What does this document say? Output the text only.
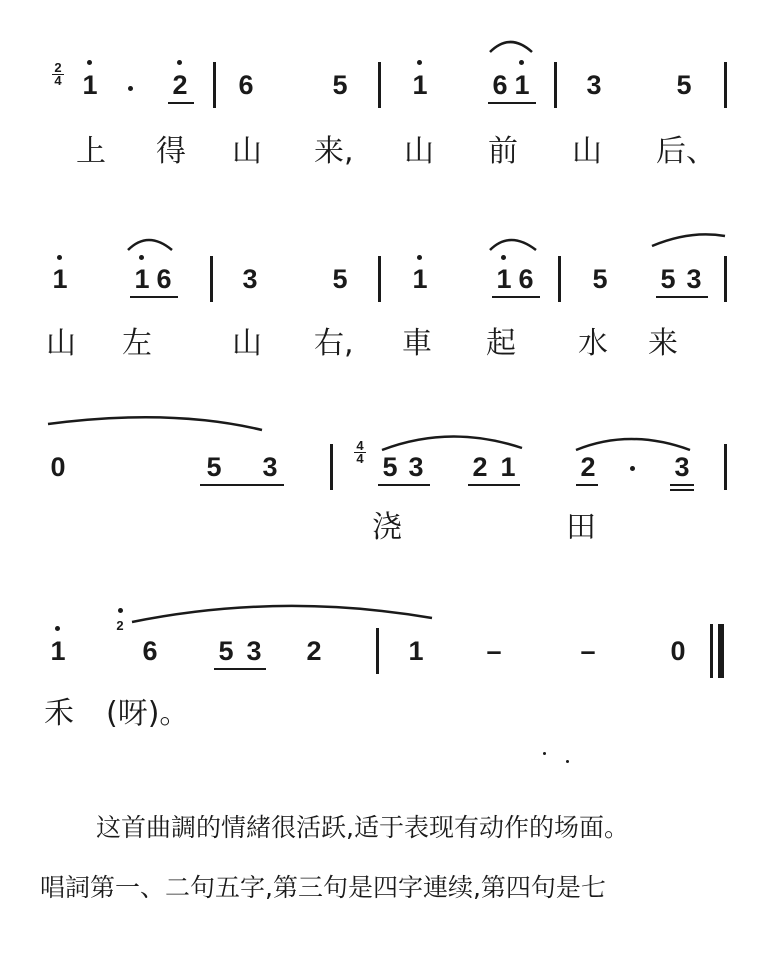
2
4 1	2 6	5 1 6 1 3	5
上 得 山 来, 山 前 山 后、
1 1 6	3	5 1	1 6 5 5 3
山 左	山 右, 車 起 水 来
0	5 3
4
4 5 3 2 1 2	3
浇	田
1
2
6 5 3 2	1 –	–	0
禾 (呀)。
这首曲調的情緒很活跃,适于表现有动作的场面。
唱詞第一、二句五字,第三句是四字連续,第四句是七
